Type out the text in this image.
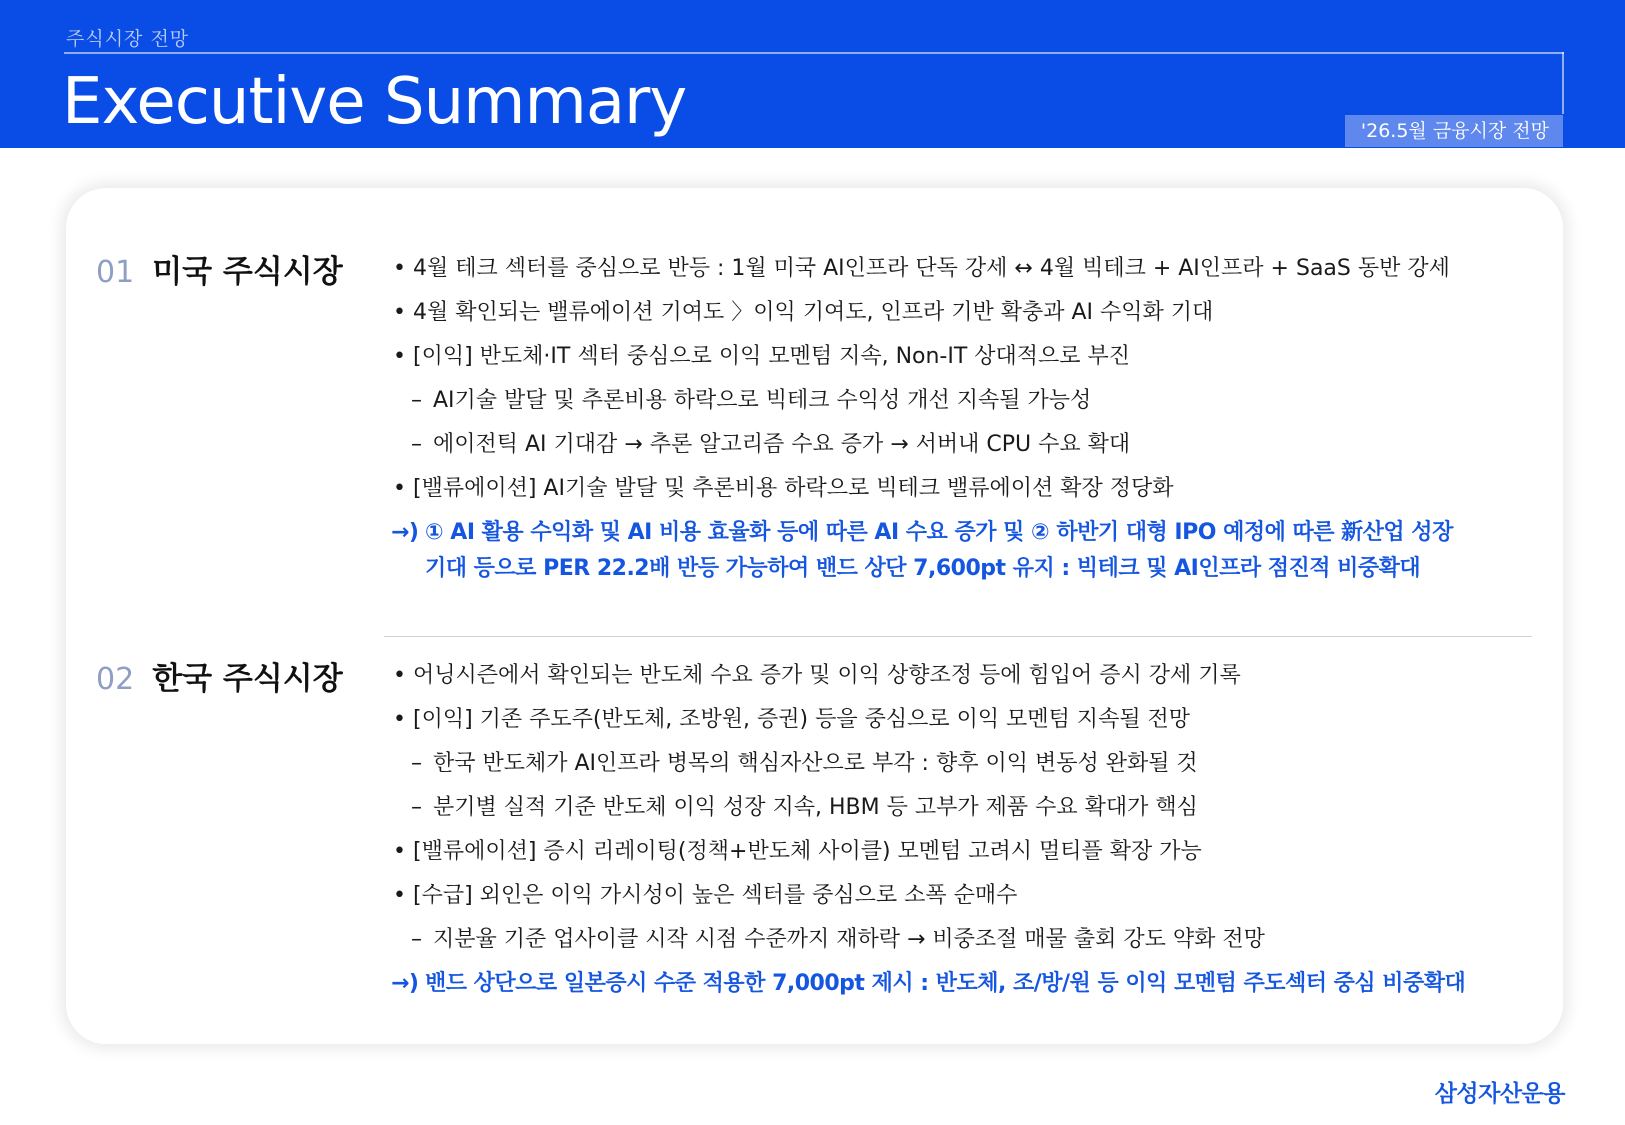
주식시장 전망
Executive Summary	'26.5월 금융시장 전망
01 미국 주식시장	• 4월 테크 섹터를 중심으로 반등 : 1월 미국 AI인프라 단독 강세 ↔ 4월 빅테크 + AI인프라 + SaaS 동반 강세
• 4월 확인되는 밸류에이션 기여도 〉이익 기여도, 인프라 기반 확충과 AI 수익화 기대
• [이익] 반도체·IT 섹터 중심으로 이익 모멘텀 지속, Non-IT 상대적으로 부진
– AI기술 발달 및 추론비용 하락으로 빅테크 수익성 개선 지속될 가능성
– 에이전틱 AI 기대감 → 추론 알고리즘 수요 증가 → 서버내 CPU 수요 확대
• [밸류에이션] AI기술 발달 및 추론비용 하락으로 빅테크 밸류에이션 확장 정당화
→) ① AI 활용 수익화 및 AI 비용 효율화 등에 따른 AI 수요 증가 및 ② 하반기 대형 IPO 예정에 따른 新산업 성장
기대 등으로 PER 22.2배 반등 가능하여 밴드 상단 7,600pt 유지 : 빅테크 및 AI인프라 점진적 비중확대
02 한국 주식시장	• 어닝시즌에서 확인되는 반도체 수요 증가 및 이익 상향조정 등에 힘입어 증시 강세 기록
• [이익] 기존 주도주(반도체, 조방원, 증권) 등을 중심으로 이익 모멘텀 지속될 전망
– 한국 반도체가 AI인프라 병목의 핵심자산으로 부각 : 향후 이익 변동성 완화될 것
– 분기별 실적 기준 반도체 이익 성장 지속, HBM 등 고부가 제품 수요 확대가 핵심
• [밸류에이션] 증시 리레이팅(정책+반도체 사이클) 모멘텀 고려시 멀티플 확장 가능
• [수급] 외인은 이익 가시성이 높은 섹터를 중심으로 소폭 순매수
– 지분율 기준 업사이클 시작 시점 수준까지 재하락 → 비중조절 매물 출회 강도 약화 전망
→) 밴드 상단으로 일본증시 수준 적용한 7,000pt 제시 : 반도체, 조/방/원 등 이익 모멘텀 주도섹터 중심 비중확대
삼성자산운용
